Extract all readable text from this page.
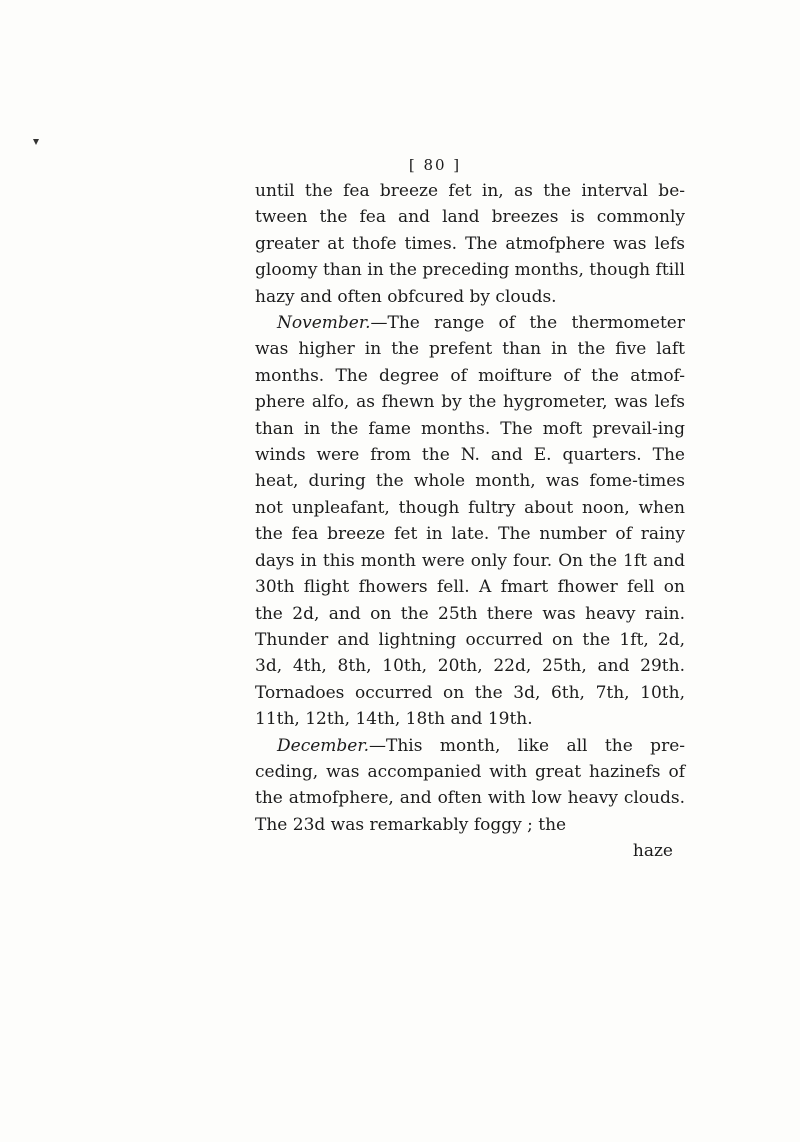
[ 80 ]

until the fea breeze fet in, as the interval be-tween the fea and land breezes is commonly greater at thofe times. The atmofphere was lefs gloomy than in the preceding months, though ftill hazy and often obfcured by clouds.

November.—The range of the thermometer was higher in the prefent than in the five laft months. The degree of moifture of the atmof-phere alfo, as fhewn by the hygrometer, was lefs than in the fame months. The moft prevail-ing winds were from the N. and E. quarters. The heat, during the whole month, was fome-times not unpleafant, though fultry about noon, when the fea breeze fet in late. The number of rainy days in this month were only four. On the 1ft and 30th flight fhowers fell. A fmart fhower fell on the 2d, and on the 25th there was heavy rain. Thunder and lightning occurred on the 1ft, 2d, 3d, 4th, 8th, 10th, 20th, 22d, 25th, and 29th. Tornadoes occurred on the 3d, 6th, 7th, 10th, 11th, 12th, 14th, 18th and 19th.

December.—This month, like all the pre-ceding, was accompanied with great hazinefs of the atmofphere, and often with low heavy clouds. The 23d was remarkably foggy ; the

haze
